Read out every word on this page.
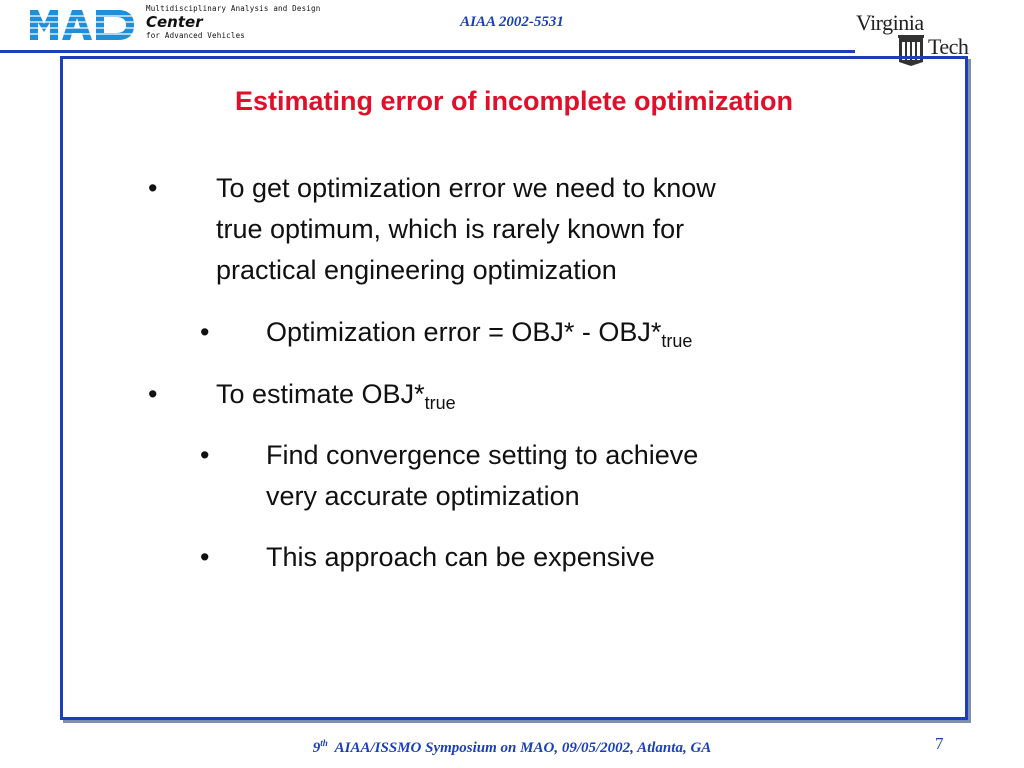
Multidisciplinary Analysis and Design
Center
for Advanced Vehicles
AIAA 2002-5531	Virginia
Tech
Estimating error of incomplete optimization
• To get optimization error we need to know
true optimum, which is rarely known for
practical engineering optimization
• Optimization error = $OBJ* - OBJ*_{true}$
• To estimate $OBJ*_{true}$
• Find convergence setting to achieve
very accurate optimization
• This approach can be expensive
9th AIAA/ISSMO Symposium on MAO, 09/05/2002, Atlanta, GA	7
